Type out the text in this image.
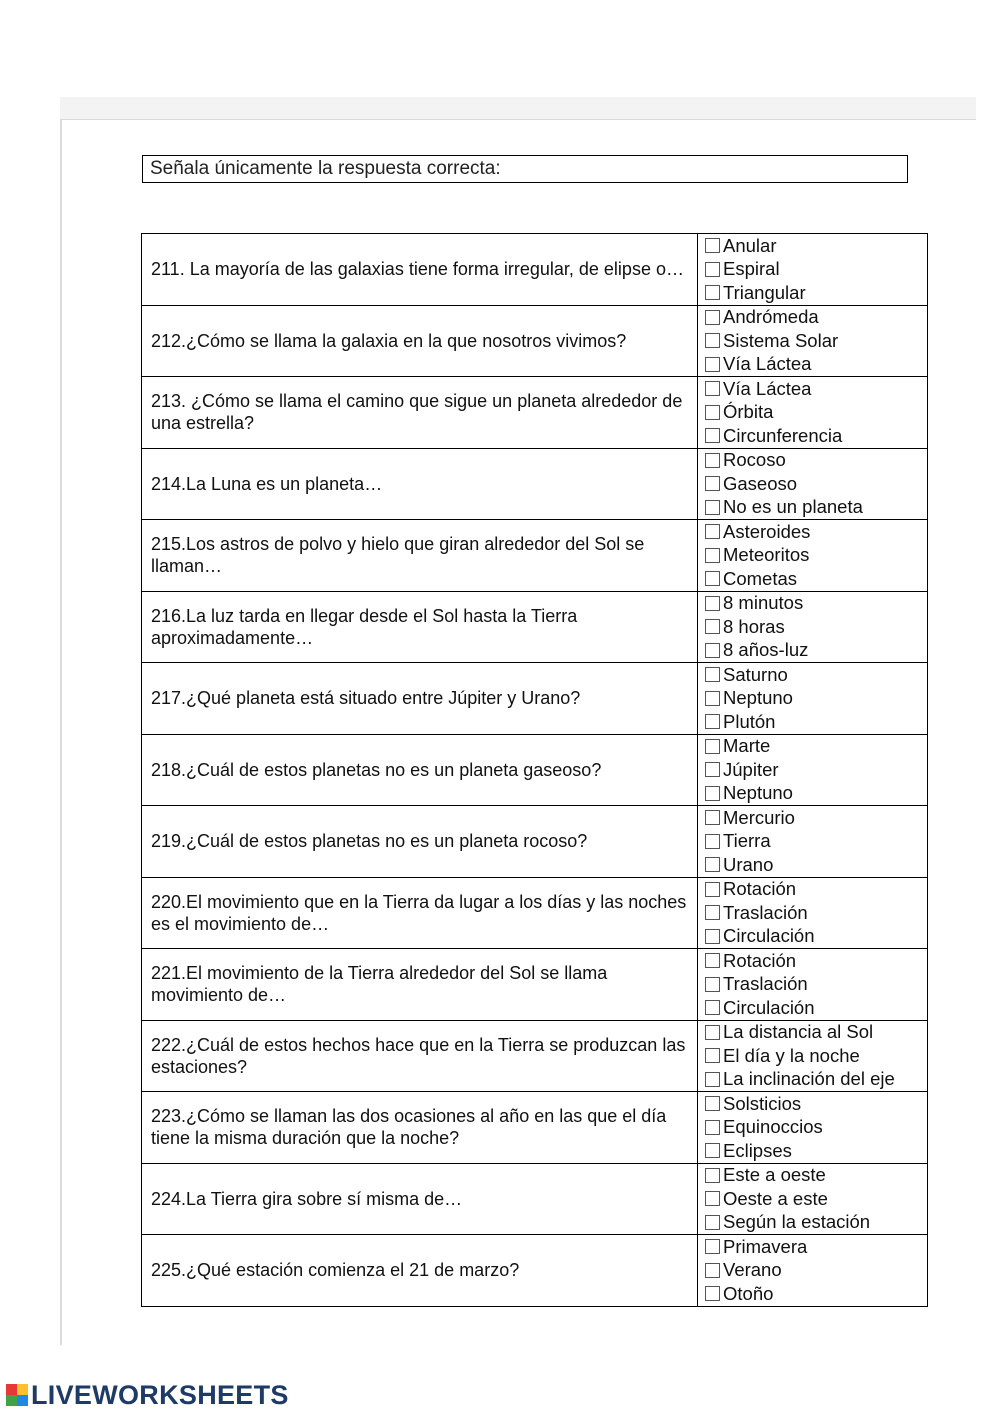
Señala únicamente la respuesta correcta:
211. La mayoría de las galaxias tiene forma irregular, de elipse o…	Anular
Espiral
Triangular

212.¿Cómo se llama la galaxia en la que nosotros vivimos?	Andrómeda
Sistema Solar
Vía Láctea

213. ¿Cómo se llama el camino que sigue un planeta alrededor de una estrella?	Vía Láctea
Órbita
Circunferencia

214.La Luna es un planeta…	Rocoso
Gaseoso
No es un planeta

215.Los astros de polvo y hielo que giran alrededor del Sol se llaman…	Asteroides
Meteoritos
Cometas

216.La luz tarda en llegar desde el Sol hasta la Tierra aproximadamente…	8 minutos
8 horas
8 años-luz

217.¿Qué planeta está situado entre Júpiter y Urano?	Saturno
Neptuno
Plutón

218.¿Cuál de estos planetas no es un planeta gaseoso?	Marte
Júpiter
Neptuno

219.¿Cuál de estos planetas no es un planeta rocoso?	Mercurio
Tierra
Urano

220.El movimiento que en la Tierra da lugar a los días y las noches es el movimiento de…	Rotación
Traslación
Circulación

221.El movimiento de la Tierra alrededor del Sol se llama movimiento de…	Rotación
Traslación
Circulación

222.¿Cuál de estos hechos hace que en la Tierra se produzcan las estaciones?	La distancia al Sol
El día y la noche
La inclinación del eje

223.¿Cómo se llaman las dos ocasiones al año en las que el día tiene la misma duración que la noche?	Solsticios
Equinoccios
Eclipses

224.La Tierra gira sobre sí misma de…	Este a oeste
Oeste a este
Según la estación

225.¿Qué estación comienza el 21 de marzo?	Primavera
Verano
Otoño
LIVEWORKSHEETS
